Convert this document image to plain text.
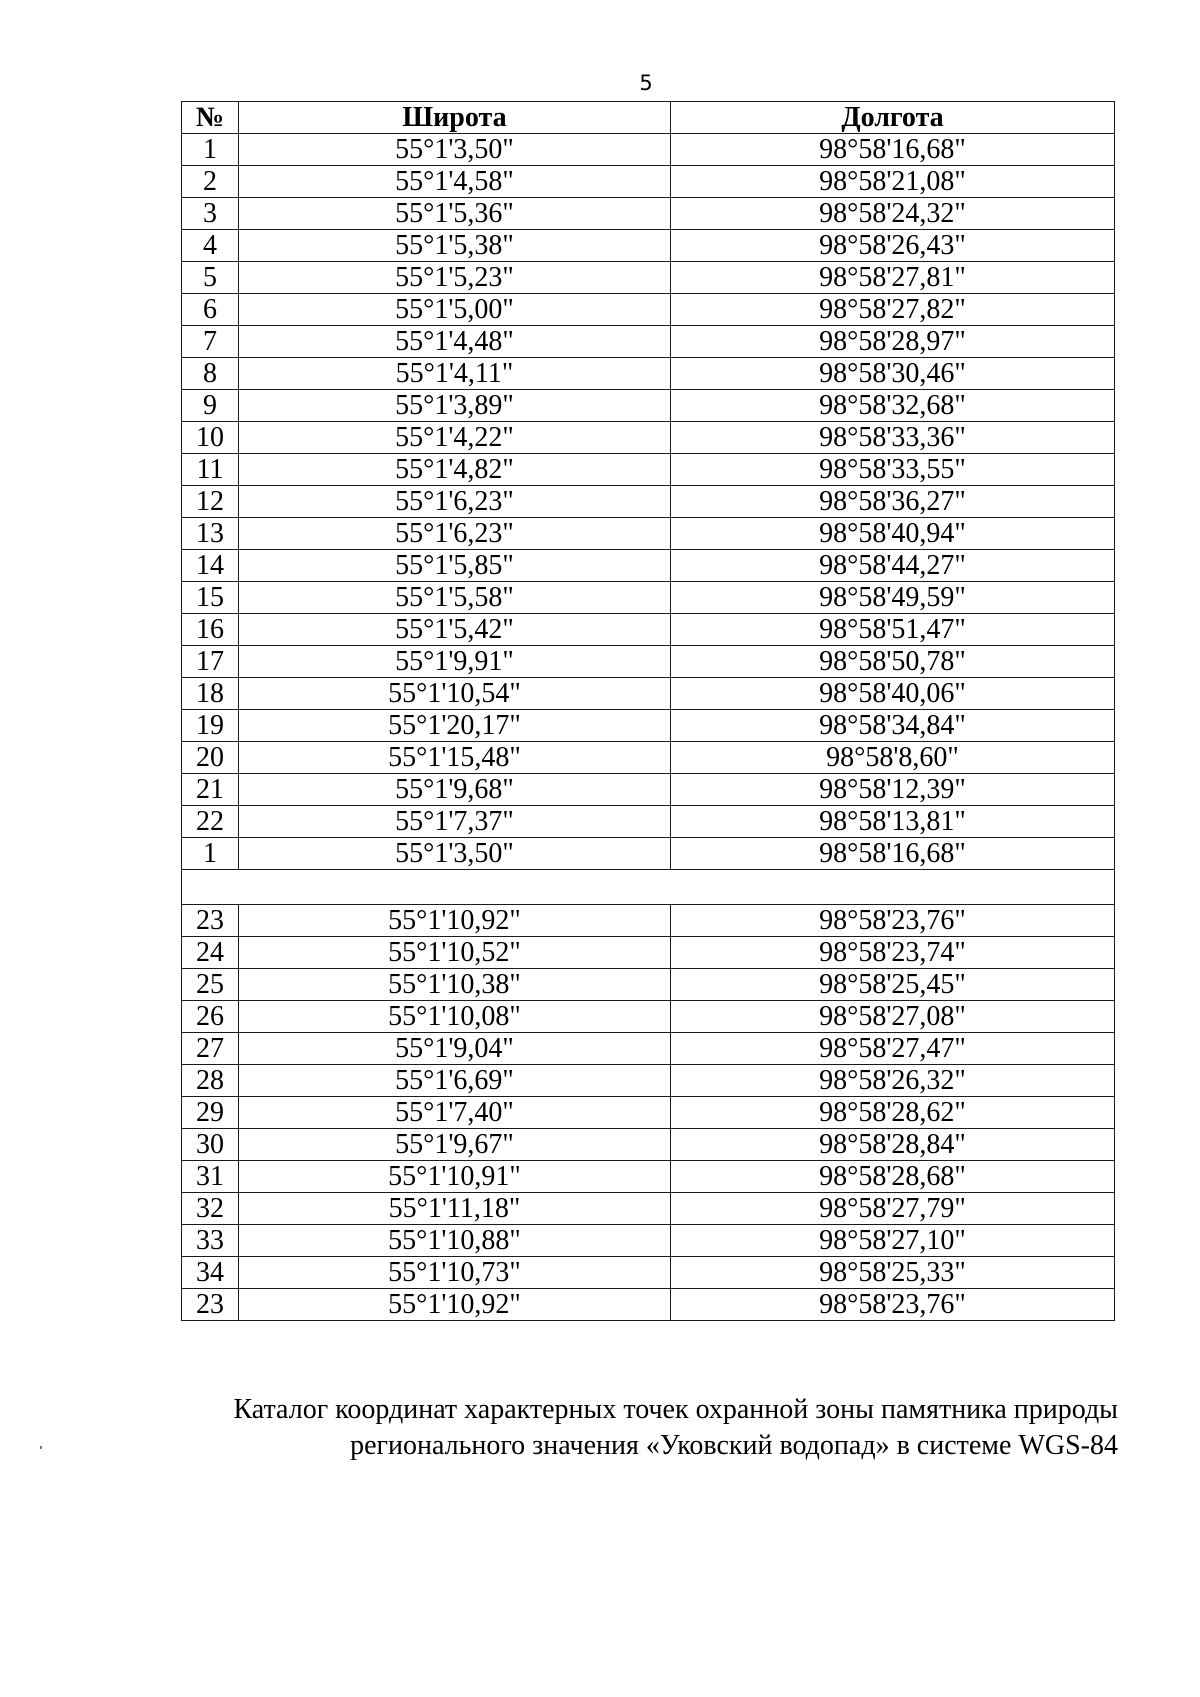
5
№	Широта	Долгота
1	55°1'3,50"	98°58'16,68"
2	55°1'4,58"	98°58'21,08"
3	55°1'5,36"	98°58'24,32"
4	55°1'5,38"	98°58'26,43"
5	55°1'5,23"	98°58'27,81"
6	55°1'5,00"	98°58'27,82"
7	55°1'4,48"	98°58'28,97"
8	55°1'4,11"	98°58'30,46"
9	55°1'3,89"	98°58'32,68"
10	55°1'4,22"	98°58'33,36"
11	55°1'4,82"	98°58'33,55"
12	55°1'6,23"	98°58'36,27"
13	55°1'6,23"	98°58'40,94"
14	55°1'5,85"	98°58'44,27"
15	55°1'5,58"	98°58'49,59"
16	55°1'5,42"	98°58'51,47"
17	55°1'9,91"	98°58'50,78"
18	55°1'10,54"	98°58'40,06"
19	55°1'20,17"	98°58'34,84"
20	55°1'15,48"	98°58'8,60"
21	55°1'9,68"	98°58'12,39"
22	55°1'7,37"	98°58'13,81"
1	55°1'3,50"	98°58'16,68"

23	55°1'10,92"	98°58'23,76"
24	55°1'10,52"	98°58'23,74"
25	55°1'10,38"	98°58'25,45"
26	55°1'10,08"	98°58'27,08"
27	55°1'9,04"	98°58'27,47"
28	55°1'6,69"	98°58'26,32"
29	55°1'7,40"	98°58'28,62"
30	55°1'9,67"	98°58'28,84"
31	55°1'10,91"	98°58'28,68"
32	55°1'11,18"	98°58'27,79"
33	55°1'10,88"	98°58'27,10"
34	55°1'10,73"	98°58'25,33"
23	55°1'10,92"	98°58'23,76"
Каталог координат характерных точек охранной зоны памятника природы
регионального значения «Уковский водопад» в системе WGS-84
